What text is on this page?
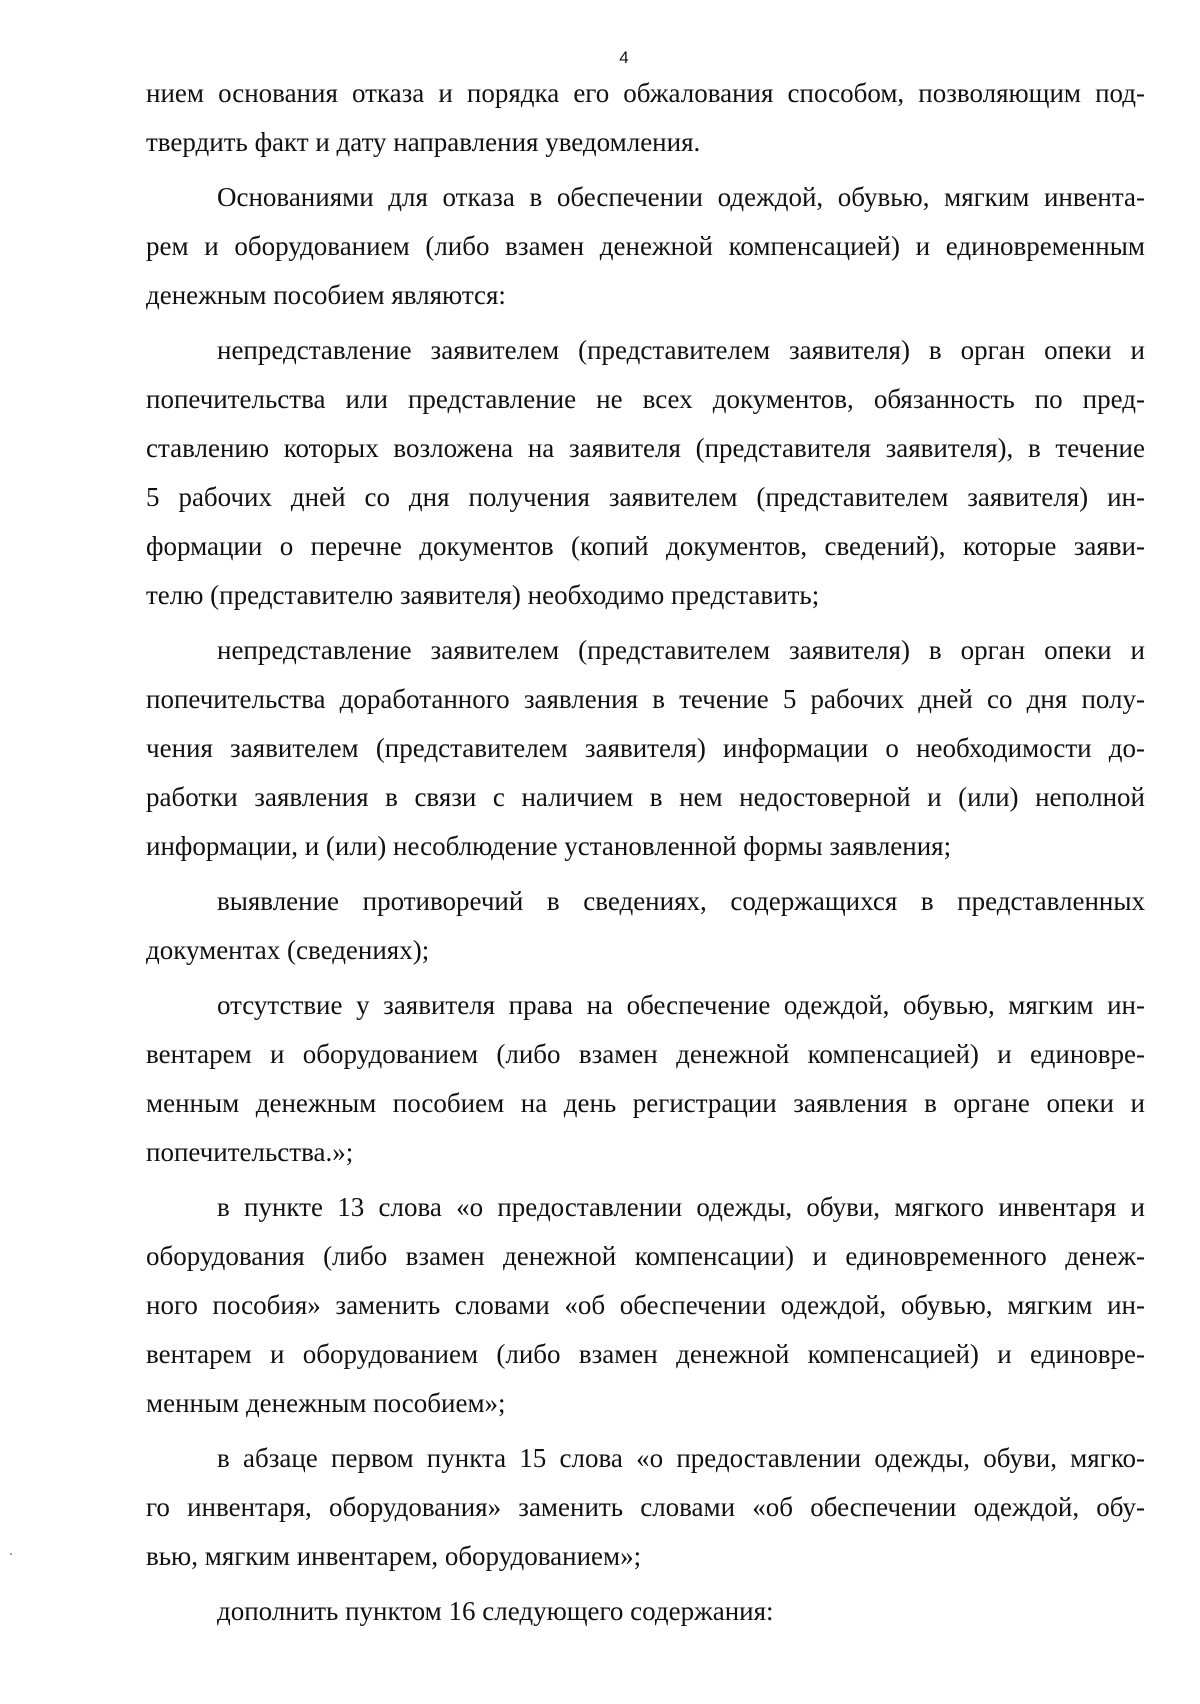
4
нием основания отказа и порядка его обжалования способом, позволяющим под-
твердить факт и дату направления уведомления.
Основаниями для отказа в обеспечении одеждой, обувью, мягким инвента-
рем и оборудованием (либо взамен денежной компенсацией) и единовременным
денежным пособием являются:
непредставление заявителем (представителем заявителя) в орган опеки и
попечительства или представление не всех документов, обязанность по пред-
ставлению которых возложена на заявителя (представителя заявителя), в течение
5 рабочих дней со дня получения заявителем (представителем заявителя) ин-
формации о перечне документов (копий документов, сведений), которые заяви-
телю (представителю заявителя) необходимо представить;
непредставление заявителем (представителем заявителя) в орган опеки и
попечительства доработанного заявления в течение 5 рабочих дней со дня полу-
чения заявителем (представителем заявителя) информации о необходимости до-
работки заявления в связи с наличием в нем недостоверной и (или) неполной
информации, и (или) несоблюдение установленной формы заявления;
выявление противоречий в сведениях, содержащихся в представленных
документах (сведениях);
отсутствие у заявителя права на обеспечение одеждой, обувью, мягким ин-
вентарем и оборудованием (либо взамен денежной компенсацией) и единовре-
менным денежным пособием на день регистрации заявления в органе опеки и
попечительства.»;
в пункте 13 слова «о предоставлении одежды, обуви, мягкого инвентаря и
оборудования (либо взамен денежной компенсации) и единовременного денеж-
ного пособия» заменить словами «об обеспечении одеждой, обувью, мягким ин-
вентарем и оборудованием (либо взамен денежной компенсацией) и единовре-
менным денежным пособием»;
в абзаце первом пункта 15 слова «о предоставлении одежды, обуви, мягко-
го инвентаря, оборудования» заменить словами «об обеспечении одеждой, обу-
вью, мягким инвентарем, оборудованием»;
дополнить пунктом 16 следующего содержания:
